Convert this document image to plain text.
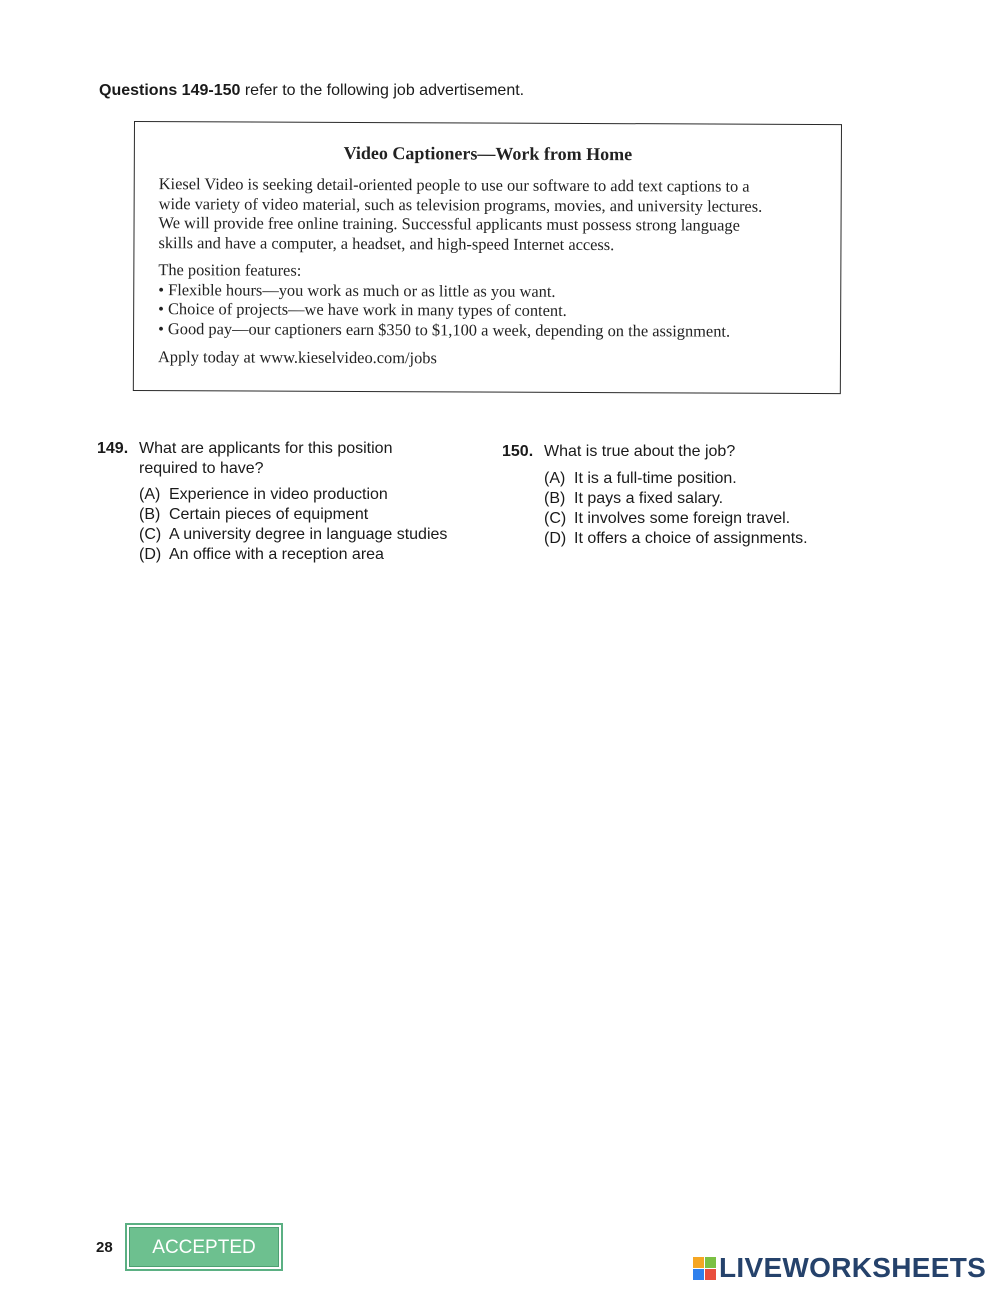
Questions 149-150 refer to the following job advertisement.
Video Captioners—Work from Home

Kiesel Video is seeking detail-oriented people to use our software to add text captions to a
wide variety of video material, such as television programs, movies, and university lectures.
We will provide free online training. Successful applicants must possess strong language
skills and have a computer, a headset, and high-speed Internet access.

The position features:

• Flexible hours—you work as much or as little as you want.
• Choice of projects—we have work in many types of content.
• Good pay—our captioners earn $350 to $1,100 a week, depending on the assignment.

Apply today at www.kieselvideo.com/jobs

149. What are applicants for this position
required to have?
(A) Experience in video production
(B) Certain pieces of equipment
(C) A university degree in language studies
(D) An office with a reception area
150. What is true about the job?
(A) It is a full-time position.
(B) It pays a fixed salary.
(C) It involves some foreign travel.
(D) It offers a choice of assignments.
28	ACCEPTED
LIVEWORKSHEETS
